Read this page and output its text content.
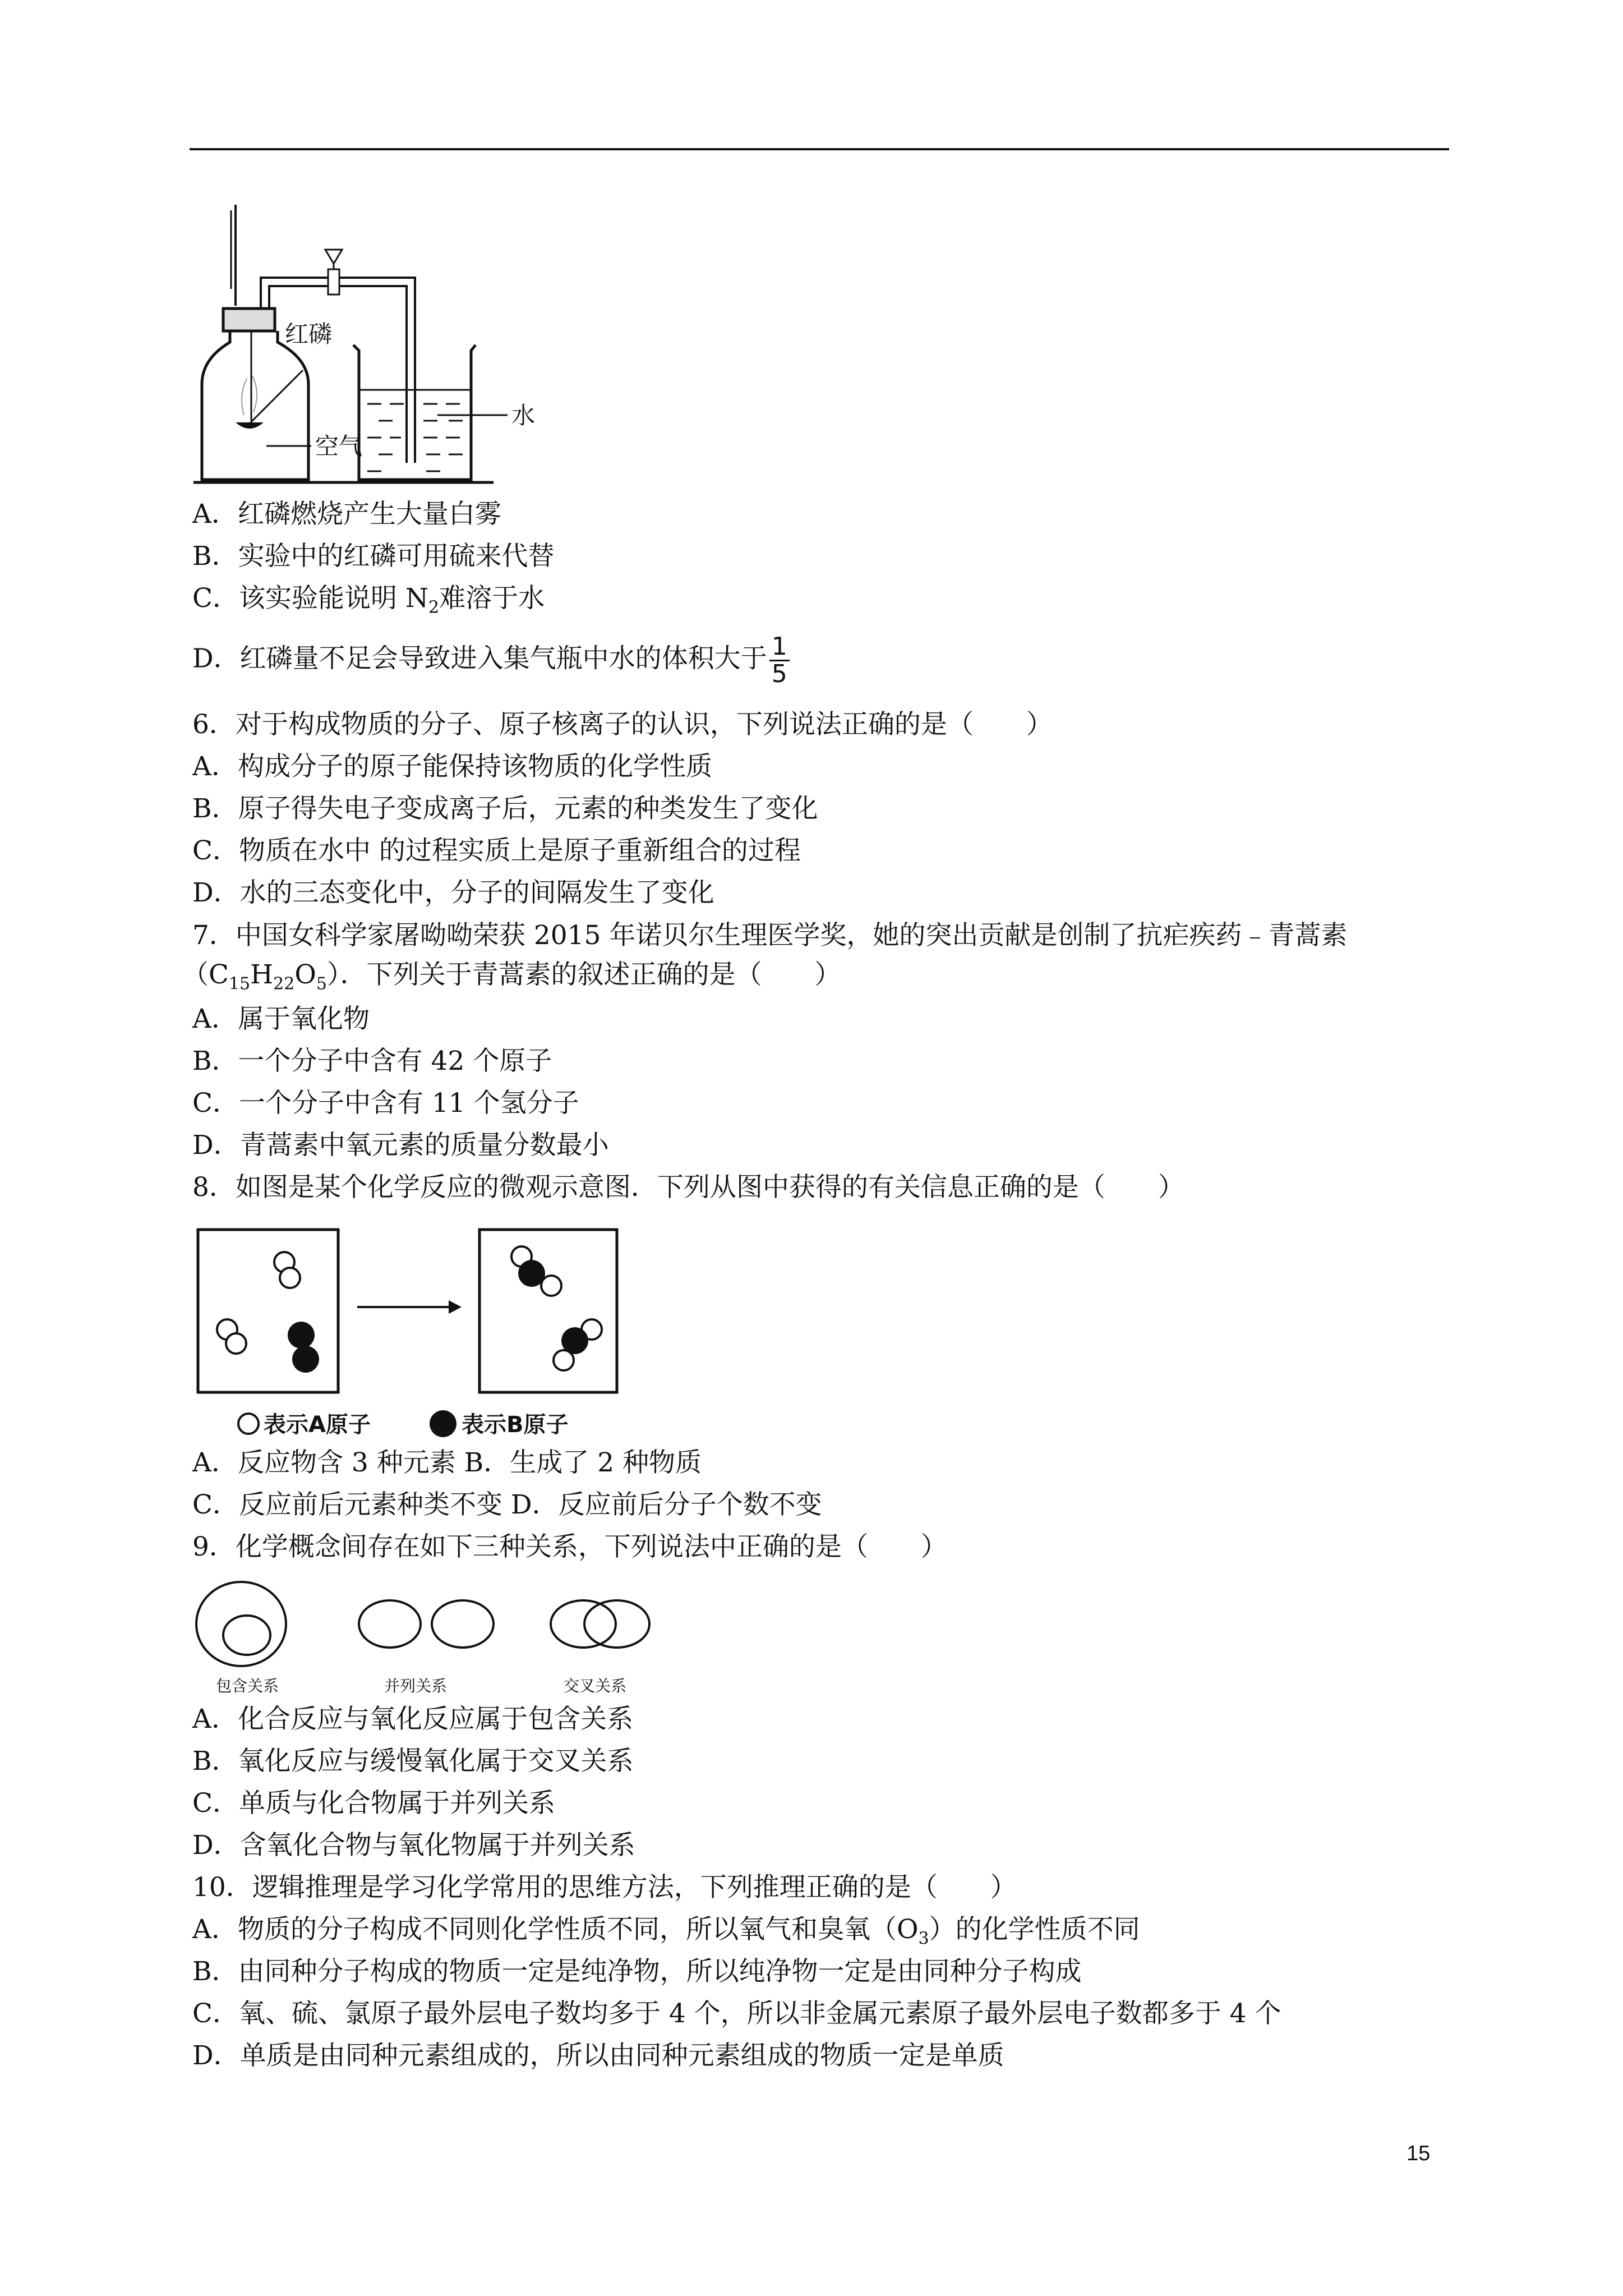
红磷
空气
水
A．红磷燃烧产生大量白雾
B．实验中的红磷可用硫来代替
C．该实验能说明 $N_2$难溶于水
D．红磷量不足会导致进入集气瓶中水的体积大于 $\frac{1}{5}$
6．对于构成物质的分子、原子核离子的认识，下列说法正确的是（　　）
A．构成分子的原子能保持该物质的化学性质
B．原子得失电子变成离子后，元素的种类发生了变化
C．物质在水中 的过程实质上是原子重新组合的过程
D．水的三态变化中，分子的间隔发生了变化
7．中国女科学家屠呦呦荣获 2015 年诺贝尔生理医学奖，她的突出贡献是创制了抗疟疾药﹣青蒿素
$(C_{15}H_{22}O_5)$．下列关于青蒿素的叙述正确的是（　　）
A．属于氧化物
B．一个分子中含有 42 个原子
C．一个分子中含有 11 个氢分子
D．青蒿素中氧元素的质量分数最小
8．如图是某个化学反应的微观示意图．下列从图中获得的有关信息正确的是（　　）
表示A原子	表示B原子
A．反应物含 3 种元素 B．生成了 2 种物质
C．反应前后元素种类不变 D．反应前后分子个数不变
9．化学概念间存在如下三种关系，下列说法中正确的是（　　）
包含关系	并列关系	交叉关系
A．化合反应与氧化反应属于包含关系
B．氧化反应与缓慢氧化属于交叉关系
C．单质与化合物属于并列关系
D．含氧化合物与氧化物属于并列关系
10．逻辑推理是学习化学常用的思维方法，下列推理正确的是（　　）
A．物质的分子构成不同则化学性质不同，所以氧气和臭氧$(O_3)$的化学性质不同
B．由同种分子构成的物质一定是纯净物，所以纯净物一定是由同种分子构成
C．氧、硫、氯原子最外层电子数均多于 4 个，所以非金属元素原子最外层电子数都多于 4 个
D．单质是由同种元素组成的，所以由同种元素组成的物质一定是单质
15
